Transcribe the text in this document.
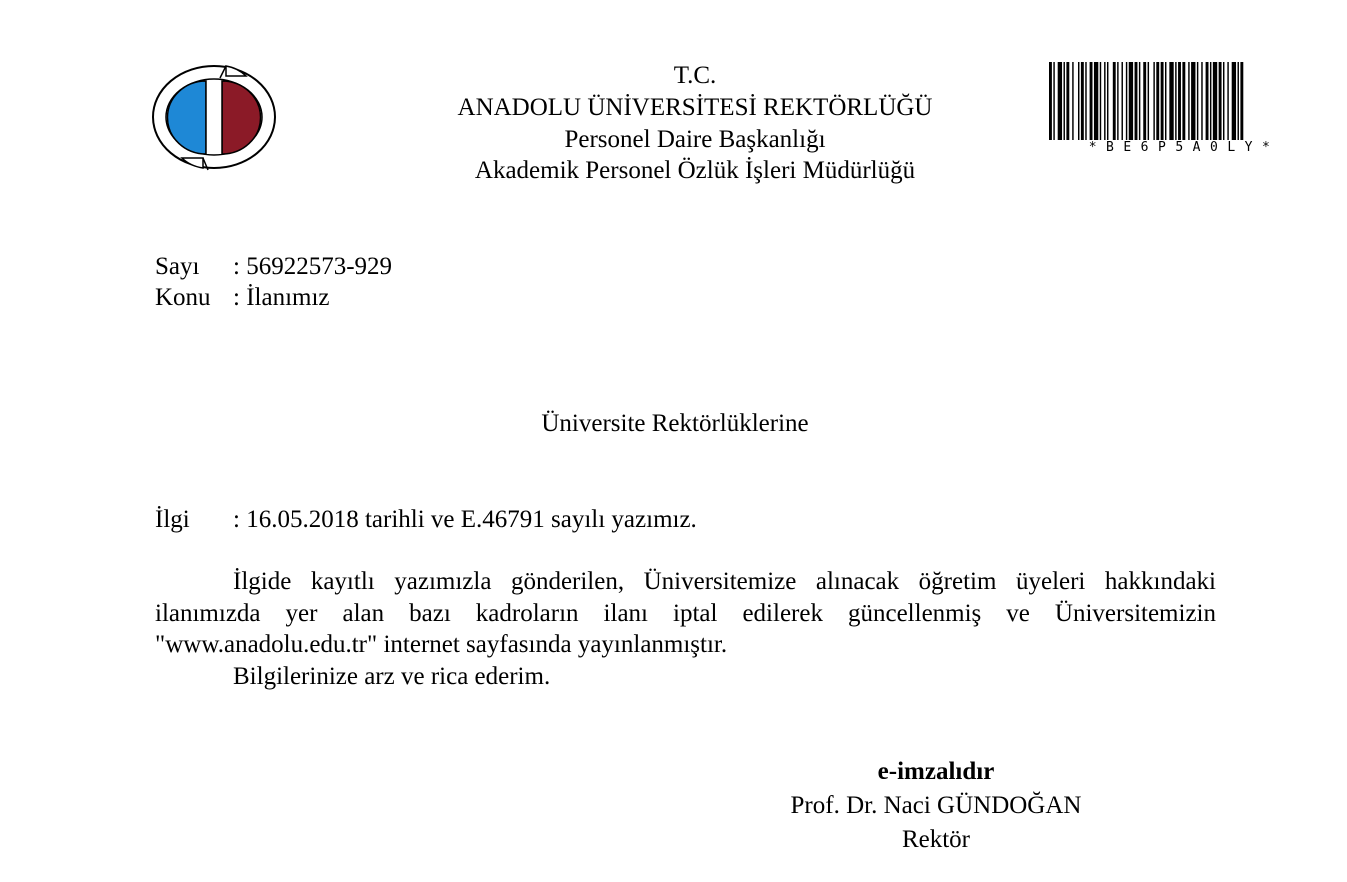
T.C.
ANADOLU ÜNİVERSİTESİ REKTÖRLÜĞÜ
Personel Daire Başkanlığı
Akademik Personel Özlük İşleri Müdürlüğü
*BE6P5A0LY*
Sayı : 56922573-929
Konu : İlanımız
Üniversite Rektörlüklerine
İlgi : 16.05.2018 tarihli ve E.46791 sayılı yazımız.

İlgide kayıtlı yazımızla gönderilen, Üniversitemize alınacak öğretim üyeleri hakkındaki ilanımızda yer alan bazı kadroların ilanı iptal edilerek güncellenmiş ve Üniversitemizin "www.anadolu.edu.tr" internet sayfasında yayınlanmıştır.

Bilgilerinize arz ve rica ederim.

e-imzalıdır
Prof. Dr. Naci GÜNDOĞAN
Rektör
